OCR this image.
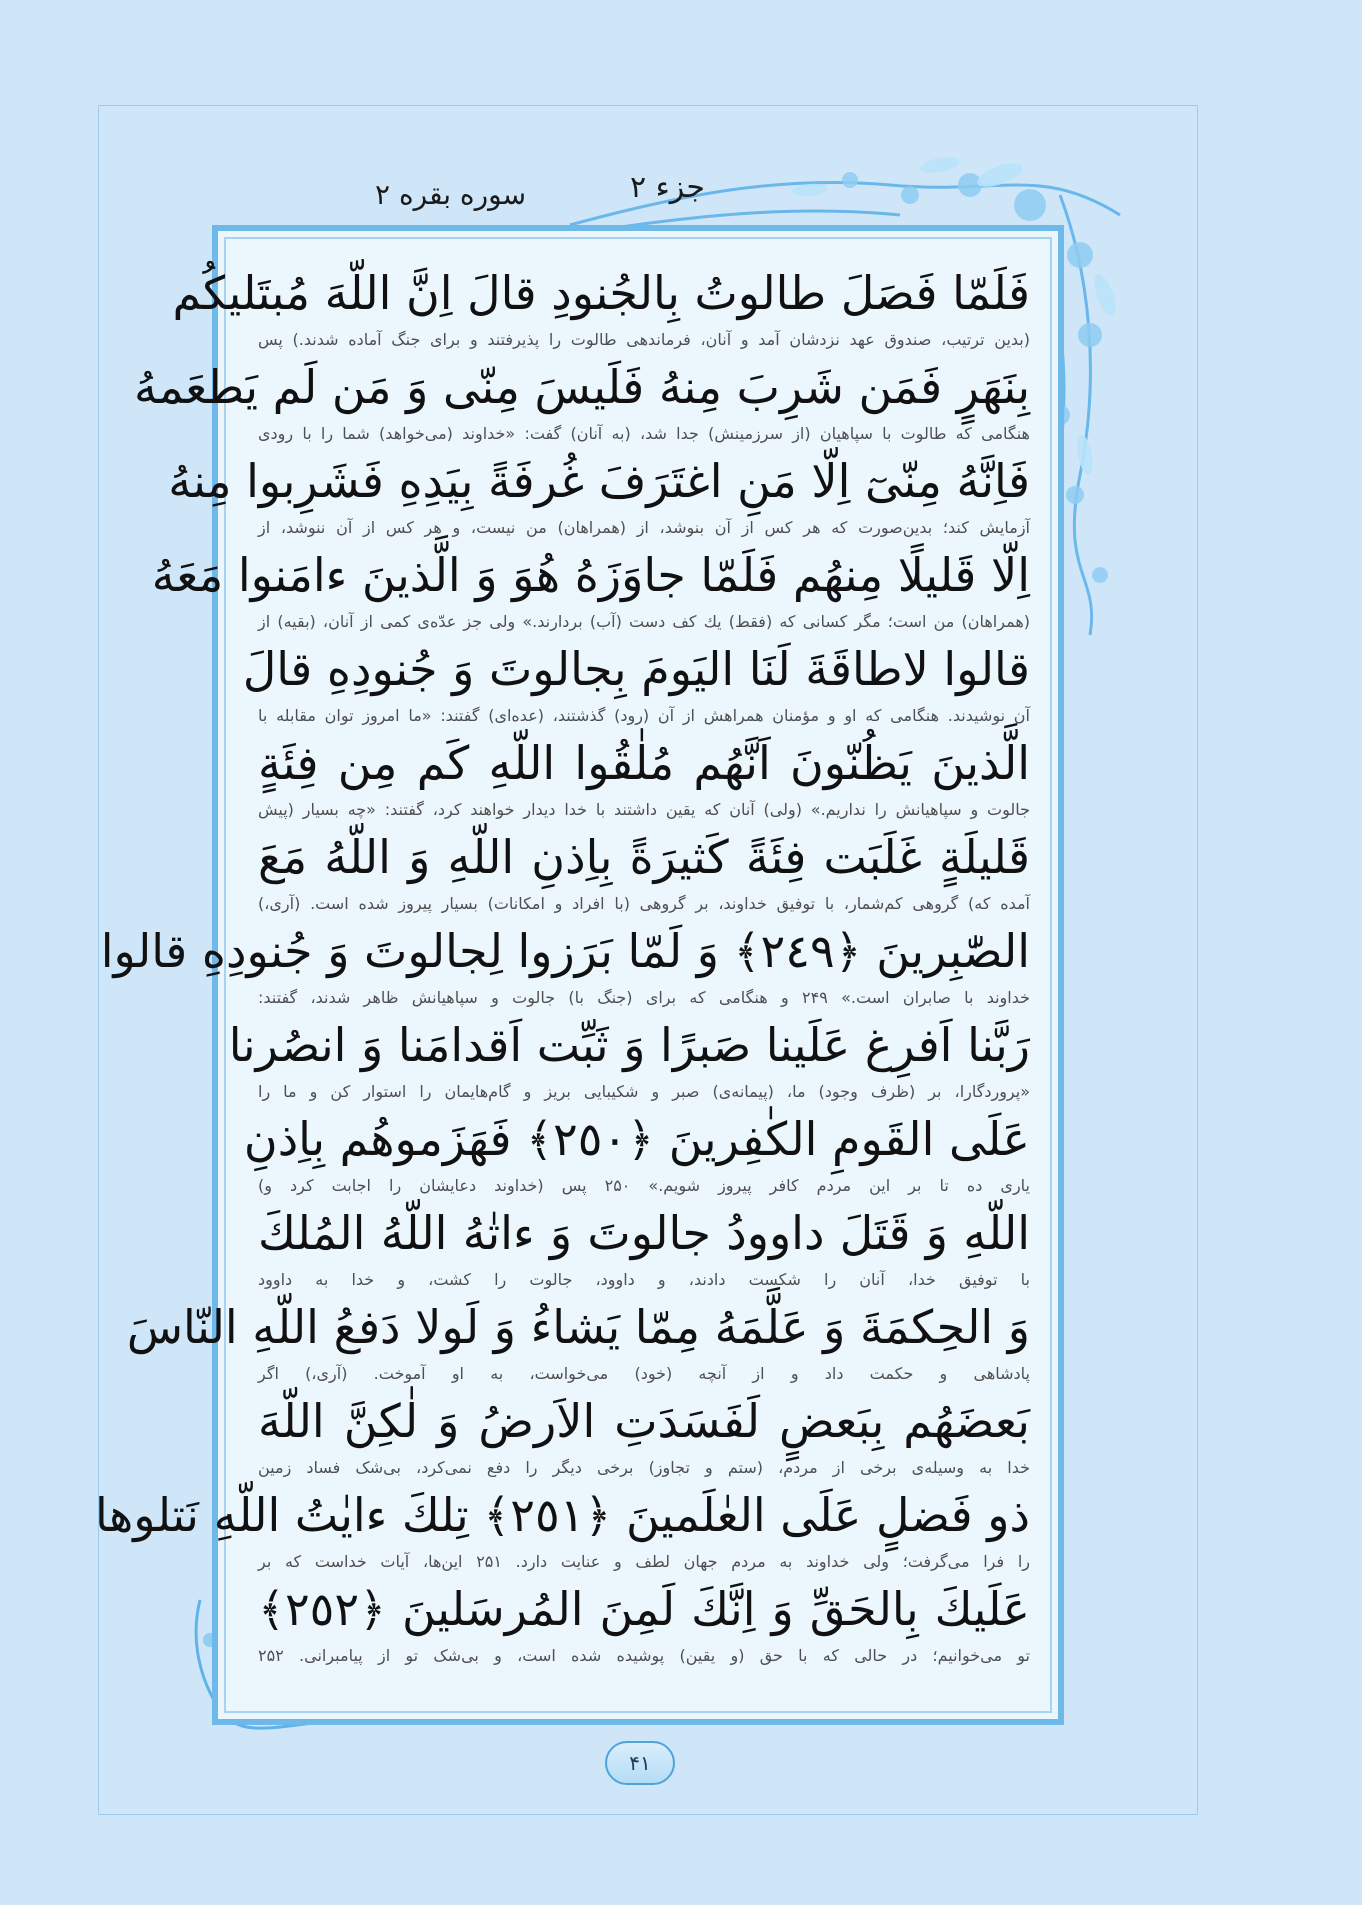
جزء ۲
سوره بقره ۲
فَلَمّا فَصَلَ طالوتُ بِالجُنودِ قالَ اِنَّ اللّهَ مُبتَليكُم
(بدین ترتیب، صندوق عهد نزدشان آمد و آنان، فرماندهی طالوت را پذیرفتند و برای جنگ آماده شدند.) پس
بِنَهَرٍ فَمَن شَرِبَ مِنهُ فَلَيسَ مِنّی وَ مَن لَم يَطعَمهُ
هنگامی که طالوت با سپاهیان (از سرزمینش) جدا شد، (به آنان) گفت: «خداوند (می‌خواهد) شما را با رودی
فَاِنَّهُ مِنّیٓ اِلّا مَنِ اغتَرَفَ غُرفَةً بِيَدِهِ فَشَرِبوا مِنهُ
آزمایش کند؛ بدین‌صورت که هر کس از آن بنوشد، از (همراهان) من نیست، و هر کس از آن ننوشد، از
اِلّا قَليلًا مِنهُم فَلَمّا جاوَزَهُ هُوَ وَ الَّذينَ ءامَنوا مَعَهُ
(همراهان) من است؛ مگر کسانی که (فقط) یك کف دست (آب) بردارند.» ولی جز عدّه‌ی کمی از آنان، (بقیه) از
قالوا لاطاقَةَ لَنَا اليَومَ بِجالوتَ وَ جُنودِهِ قالَ
آن نوشیدند. هنگامی که او و مؤمنان همراهش از آن (رود) گذشتند، (عده‌ای) گفتند: «ما امروز توان مقابله با
الَّذينَ يَظُنّونَ اَنَّهُم مُلٰقُوا اللّهِ كَم مِن فِئَةٍ
جالوت و سپاهیانش را نداریم.» (ولی) آنان که یقین داشتند با خدا دیدار خواهند کرد، گفتند: «چه بسیار (پیش
قَليلَةٍ غَلَبَت فِئَةً كَثيرَةً بِاِذنِ اللّهِ وَ اللّهُ مَعَ
آمده که) گروهی کم‌شمار، با توفیق خداوند، بر گروهی (با افراد و امکانات) بسیار پیروز شده است. (آری،)
الصّٰبِرينَ ﴿٢٤٩﴾ وَ لَمّا بَرَزوا لِجالوتَ وَ جُنودِهِ قالوا
خداوند با صابران است.» ۲۴۹ و هنگامی که برای (جنگ با) جالوت و سپاهیانش ظاهر شدند، گفتند:
رَبَّنا اَفرِغ عَلَينا صَبرًا وَ ثَبِّت اَقدامَنا وَ انصُرنا
«پروردگارا، بر (ظرف وجود) ما، (پیمانه‌ی) صبر و شکیبایی بریز و گام‌هایمان را استوار کن و ما را
عَلَى القَومِ الكٰفِرينَ ﴿٢٥٠﴾ فَهَزَموهُم بِاِذنِ
یاری ده تا بر این مردم کافر پیروز شویم.» ۲۵۰ پس (خداوند دعایشان را اجابت کرد و)
اللّهِ وَ قَتَلَ داوودُ جالوتَ وَ ءاتٰهُ اللّهُ المُلكَ
با توفیق خدا، آنان را شکست دادند، و داوود، جالوت را کشت، و خدا به داوود
وَ الحِكمَةَ وَ عَلَّمَهُ مِمّا يَشاءُ وَ لَولا دَفعُ اللّهِ النّاسَ
پادشاهی و حکمت داد و از آنچه (خود) می‌خواست، به او آموخت. (آری،) اگر
بَعضَهُم بِبَعضٍ لَفَسَدَتِ الاَرضُ وَ لٰكِنَّ اللّهَ
خدا به وسیله‌ی برخی از مردم، (ستم و تجاوز) برخی دیگر را دفع نمی‌کرد، بی‌شک فساد زمین
ذو فَضلٍ عَلَى العٰلَمينَ ﴿٢٥١﴾ تِلكَ ءايٰتُ اللّهِ نَتلوها
را فرا می‌گرفت؛ ولی خداوند به مردم جهان لطف و عنایت دارد. ۲۵۱ این‌ها، آیات خداست که بر
عَلَيكَ بِالحَقِّ وَ اِنَّكَ لَمِنَ المُرسَلينَ ﴿٢٥٢﴾
تو می‌خوانیم؛ در حالی که با حق (و یقین) پوشیده شده است، و بی‌شک تو از پیامبرانی. ۲۵۲
۴۱
